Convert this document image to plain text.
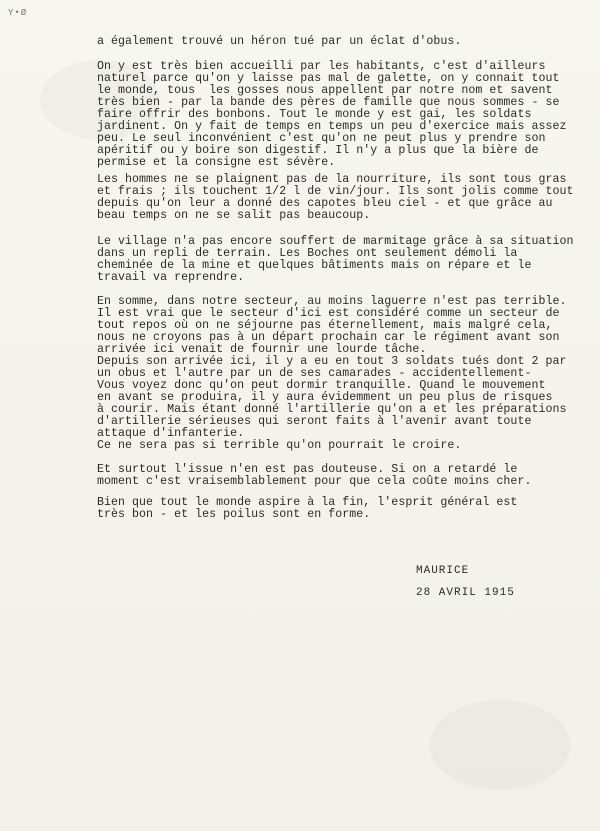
Y•Ø
a également trouvé un héron tué par un éclat d'obus.
On y est très bien accueilli par les habitants, c'est d'ailleurs
naturel parce qu'on y laisse pas mal de galette, on y connait tout
le monde, tous  les gosses nous appellent par notre nom et savent
très bien - par la bande des pères de famille que nous sommes - se
faire offrir des bonbons. Tout le monde y est gai, les soldats
jardinent. On y fait de temps en temps un peu d'exercice mais assez
peu. Le seul inconvénient c'est qu'on ne peut plus y prendre son
apéritif ou y boire son digestif. Il n'y a plus que la bière de
permise et la consigne est sévère.
Les hommes ne se plaignent pas de la nourriture, ils sont tous gras
et frais ; ils touchent 1/2 l de vin/jour. Ils sont jolis comme tout
depuis qu'on leur a donné des capotes bleu ciel - et que grâce au
beau temps on ne se salit pas beaucoup.
Le village n'a pas encore souffert de marmitage grâce à sa situation
dans un repli de terrain. Les Boches ont seulement démoli la
cheminée de la mine et quelques bâtiments mais on répare et le
travail va reprendre.
En somme, dans notre secteur, au moins laguerre n'est pas terrible.
Il est vrai que le secteur d'ici est considéré comme un secteur de
tout repos où on ne séjourne pas éternellement, mais malgré cela,
nous ne croyons pas à un départ prochain car le régiment avant son
arrivée ici venait de fournir une lourde tâche.
Depuis son arrivée ici, il y a eu en tout 3 soldats tués dont 2 par
un obus et l'autre par un de ses camarades - accidentellement-
Vous voyez donc qu'on peut dormir tranquille. Quand le mouvement
en avant se produira, il y aura évidemment un peu plus de risques
à courir. Mais étant donné l'artillerie qu'on a et les préparations
d'artillerie sérieuses qui seront faits à l'avenir avant toute
attaque d'infanterie.
Ce ne sera pas si terrible qu'on pourrait le croire.
Et surtout l'issue n'en est pas douteuse. Si on a retardé le
moment c'est vraisemblablement pour que cela coûte moins cher.
Bien que tout le monde aspire à la fin, l'esprit général est
très bon - et les poilus sont en forme.
MAURICE
28 AVRIL 1915
